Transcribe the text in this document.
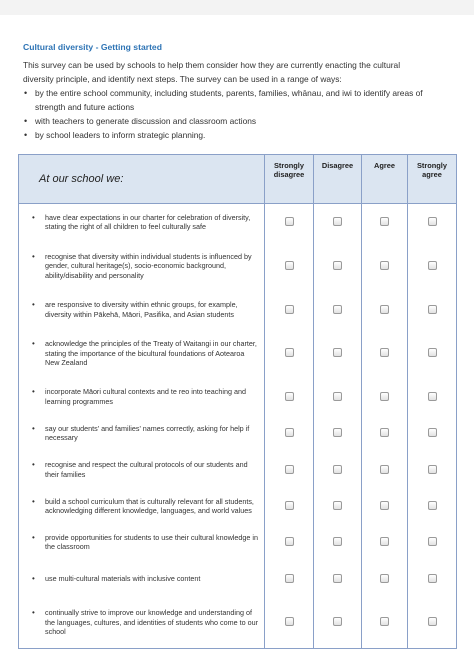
Cultural diversity - Getting started

This survey can be used by schools to help them consider how they are currently enacting the cultural

diversity principle, and identify next steps. The survey can be used in a range of ways:

• by the entire school community, including students, parents, families, whānau, and iwi to identify areas of strength and future actions
• with teachers to generate discussion and classroom actions
• by school leaders to inform strategic planning.
At our school we:	Strongly disagree	Disagree	Agree	Strongly agree

• have clear expectations in our charter for celebration of diversity, stating the right of all children to feel culturally safe

• recognise that diversity within individual students is influenced by gender, cultural heritage(s), socio-economic background, ability/disability and personality

• are responsive to diversity within ethnic groups, for example, diversity within Pākehā, Māori, Pasifika, and Asian students

• acknowledge the principles of the Treaty of Waitangi in our charter, stating the importance of the bicultural foundations of Aotearoa New Zealand

• incorporate Māori cultural contexts and te reo into teaching and learning programmes

• say our students’ and families’ names correctly, asking for help if necessary

• recognise and respect the cultural protocols of our students and their families

• build a school curriculum that is culturally relevant for all students, acknowledging different knowledge, languages, and world values

• provide opportunities for students to use their cultural knowledge in the classroom

• use multi-cultural materials with inclusive content

• continually strive to improve our knowledge and understanding of the languages, cultures, and identities of students who come to our school
